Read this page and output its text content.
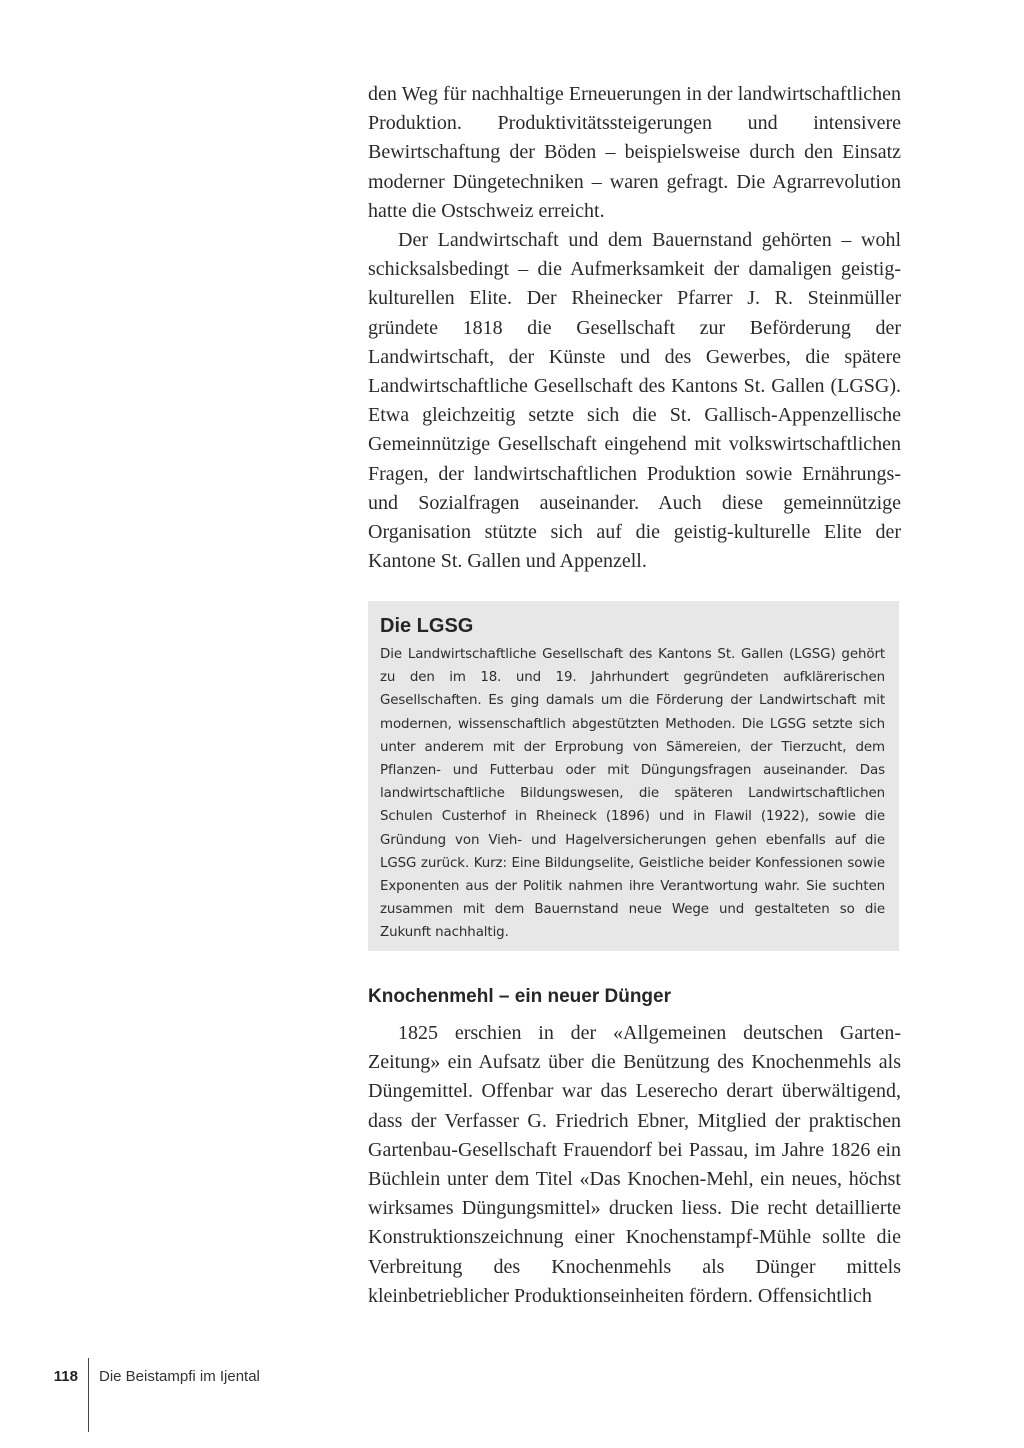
den Weg für nachhaltige Erneuerungen in der landwirtschaftlichen Produktion. Produktivitätssteigerungen und intensivere Bewirtschaftung der Böden – beispielsweise durch den Einsatz moderner Düngetechniken – waren gefragt. Die Agrarrevolution hatte die Ostschweiz erreicht.

Der Landwirtschaft und dem Bauernstand gehörten – wohl schicksalsbedingt – die Aufmerksamkeit der damaligen geistig-kulturellen Elite. Der Rheinecker Pfarrer J. R. Steinmüller gründete 1818 die Gesellschaft zur Beförderung der Landwirtschaft, der Künste und des Gewerbes, die spätere Landwirtschaftliche Gesellschaft des Kantons St. Gallen (LGSG). Etwa gleichzeitig setzte sich die St. Gallisch-Appenzellische Gemeinnützige Gesellschaft eingehend mit volkswirtschaftlichen Fragen, der landwirtschaftlichen Produktion sowie Ernährungs- und Sozialfragen auseinander. Auch diese gemeinnützige Organisation stützte sich auf die geistig-kulturelle Elite der Kantone St. Gallen und Appenzell.

Die LGSG

Die Landwirtschaftliche Gesellschaft des Kantons St. Gallen (LGSG) gehört zu den im 18. und 19. Jahrhundert gegründeten aufklärerischen Gesellschaften. Es ging damals um die Förderung der Landwirtschaft mit modernen, wissenschaftlich abgestützten Methoden. Die LGSG setzte sich unter anderem mit der Erprobung von Sämereien, der Tierzucht, dem Pflanzen- und Futterbau oder mit Düngungsfragen auseinander. Das landwirtschaftliche Bildungswesen, die späteren Landwirtschaftlichen Schulen Custerhof in Rheineck (1896) und in Flawil (1922), sowie die Gründung von Vieh- und Hagelversicherungen gehen ebenfalls auf die LGSG zurück. Kurz: Eine Bildungselite, Geistliche beider Konfessionen sowie Exponenten aus der Politik nahmen ihre Verantwortung wahr. Sie suchten zusammen mit dem Bauernstand neue Wege und gestalteten so die Zukunft nachhaltig.

Knochenmehl – ein neuer Dünger

1825 erschien in der «Allgemeinen deutschen Garten-Zeitung» ein Aufsatz über die Benützung des Knochenmehls als Düngemittel. Offenbar war das Leserecho derart überwältigend, dass der Verfasser G. Friedrich Ebner, Mitglied der praktischen Gartenbau-Gesellschaft Frauendorf bei Passau, im Jahre 1826 ein Büchlein unter dem Titel «Das Knochen-Mehl, ein neues, höchst wirksames Düngungsmittel» drucken liess. Die recht detaillierte Konstruktionszeichnung einer Knochenstampf-Mühle sollte die Verbreitung des Knochenmehls als Dünger mittels kleinbetrieblicher Produktionseinheiten fördern. Offensichtlich

118 Die Beistampfi im Ijental
